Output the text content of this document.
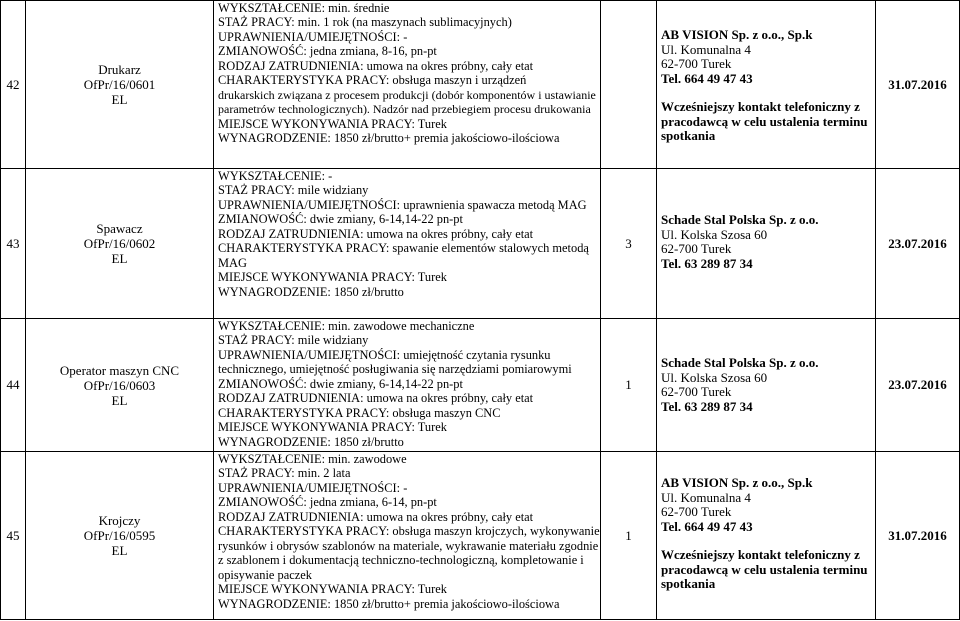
42
Drukarz
OfPr/16/0601
EL
WYKSZTAŁCENIE: min. średnie
STAŻ PRACY: min. 1 rok (na maszynach sublimacyjnych)
UPRAWNIENIA/UMIEJĘTNOŚCI: -
ZMIANOWOŚĆ: jedna zmiana, 8-16, pn-pt
RODZAJ ZATRUDNIENIA: umowa na okres próbny, cały etat
CHARAKTERYSTYKA PRACY: obsługa maszyn i urządzeń
drukarskich związana z procesem produkcji (dobór komponentów i ustawianie parametrów technologicznych). Nadzór nad przebiegiem procesu drukowania
MIEJSCE WYKONYWANIA PRACY: Turek
WYNAGRODZENIE: 1850 zł/brutto+ premia jakościowo-ilościowa
AB VISION Sp. z o.o., Sp.k
Ul. Komunalna 4
62-700 Turek
Tel. 664 49 47 43
Wcześniejszy kontakt telefoniczny z pracodawcą w celu ustalenia terminu spotkania
31.07.2016
43
Spawacz
OfPr/16/0602
EL
WYKSZTAŁCENIE: -
STAŻ PRACY: mile widziany
UPRAWNIENIA/UMIEJĘTNOŚCI: uprawnienia spawacza metodą MAG
ZMIANOWOŚĆ: dwie zmiany, 6-14,14-22 pn-pt
RODZAJ ZATRUDNIENIA: umowa na okres próbny, cały etat
CHARAKTERYSTYKA PRACY: spawanie elementów stalowych metodą MAG
MIEJSCE WYKONYWANIA PRACY: Turek
WYNAGRODZENIE: 1850 zł/brutto
3
Schade Stal Polska Sp. z o.o.
Ul. Kolska Szosa 60
62-700 Turek
Tel. 63 289 87 34
23.07.2016
44
Operator maszyn CNC
OfPr/16/0603
EL
WYKSZTAŁCENIE: min. zawodowe mechaniczne
STAŻ PRACY: mile widziany
UPRAWNIENIA/UMIEJĘTNOŚCI: umiejętność czytania rysunku technicznego, umiejętność posługiwania się narzędziami pomiarowymi
ZMIANOWOŚĆ: dwie zmiany, 6-14,14-22 pn-pt
RODZAJ ZATRUDNIENIA: umowa na okres próbny, cały etat
CHARAKTERYSTYKA PRACY: obsługa maszyn CNC
MIEJSCE WYKONYWANIA PRACY: Turek
WYNAGRODZENIE: 1850 zł/brutto
1
Schade Stal Polska Sp. z o.o.
Ul. Kolska Szosa 60
62-700 Turek
Tel. 63 289 87 34
23.07.2016
45
Krojczy
OfPr/16/0595
EL
WYKSZTAŁCENIE: min. zawodowe
STAŻ PRACY: min. 2 lata
UPRAWNIENIA/UMIEJĘTNOŚCI: -
ZMIANOWOŚĆ: jedna zmiana, 6-14, pn-pt
RODZAJ ZATRUDNIENIA: umowa na okres próbny, cały etat
CHARAKTERYSTYKA PRACY: obsługa maszyn krojczych, wykonywanie rysunków i obrysów szablonów na materiale, wykrawanie materiału zgodnie z szablonem i dokumentacją techniczno-technologiczną, kompletowanie i opisywanie paczek
MIEJSCE WYKONYWANIA PRACY: Turek
WYNAGRODZENIE: 1850 zł/brutto+ premia jakościowo-ilościowa
1
AB VISION Sp. z o.o., Sp.k
Ul. Komunalna 4
62-700 Turek
Tel. 664 49 47 43
Wcześniejszy kontakt telefoniczny z pracodawcą w celu ustalenia terminu spotkania
31.07.2016
